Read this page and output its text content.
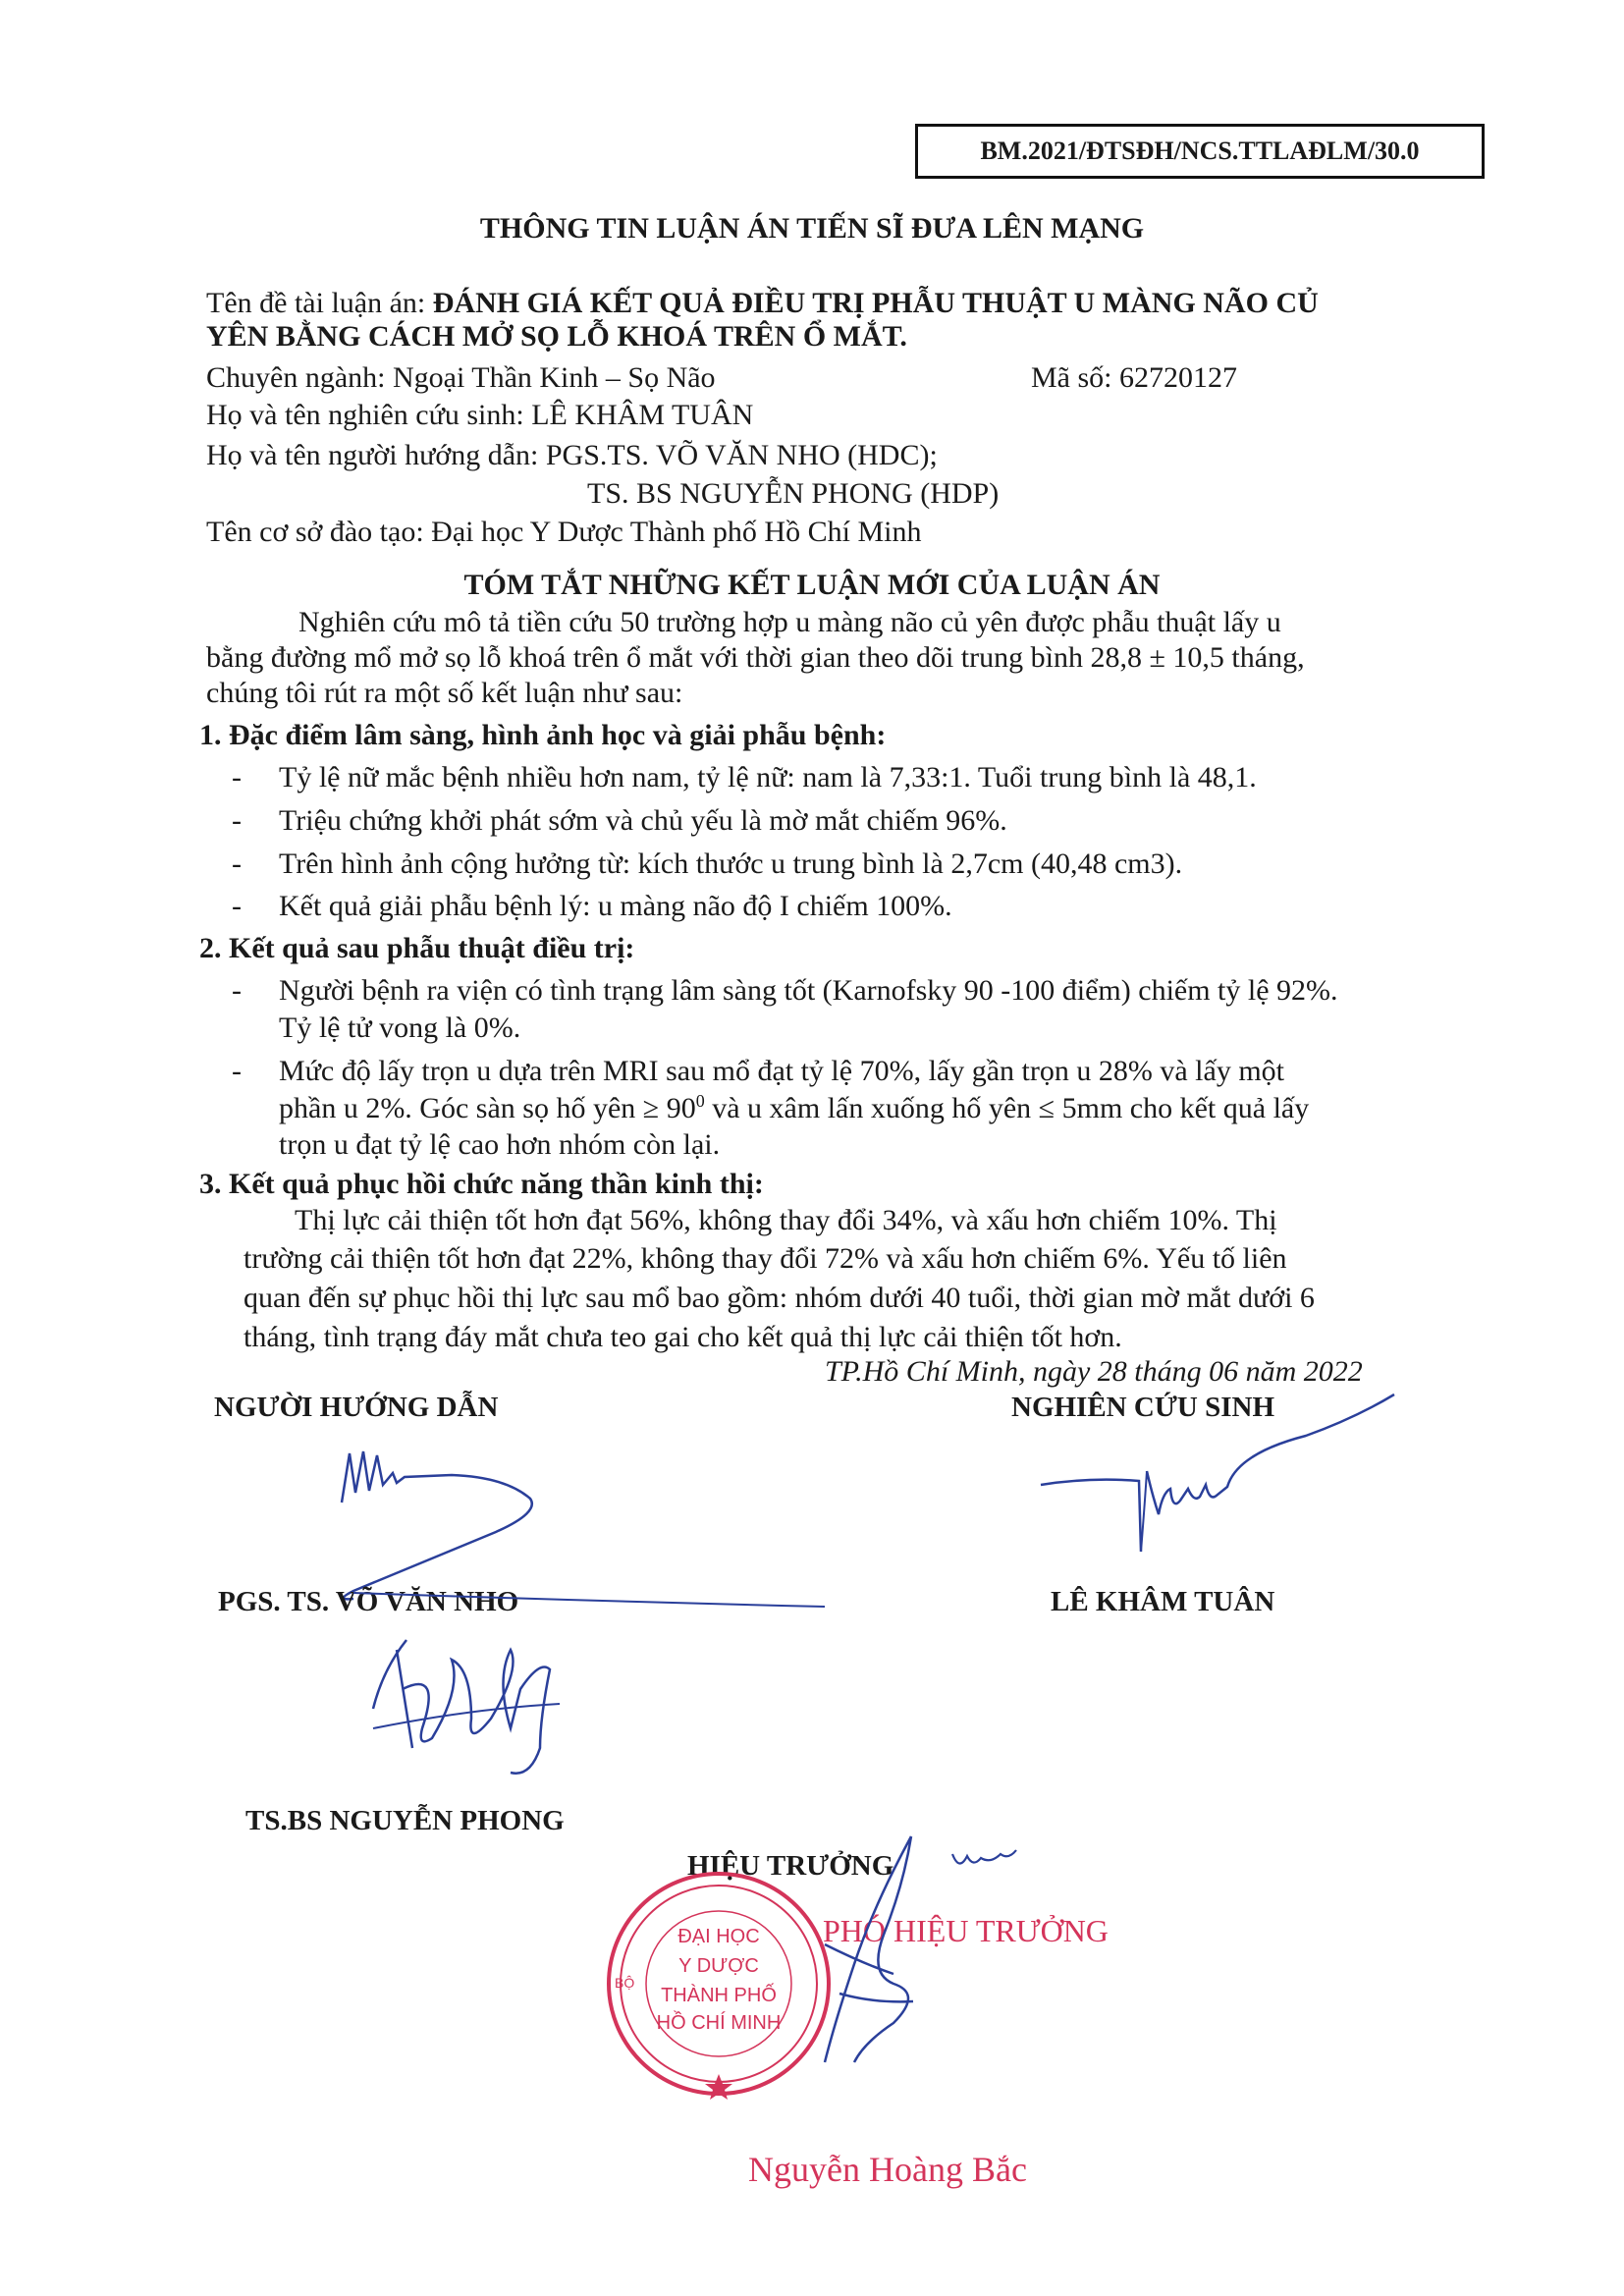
BM.2021/ĐTSĐH/NCS.TTLAĐLM/30.0
THÔNG TIN LUẬN ÁN TIẾN SĨ ĐƯA LÊN MẠNG
Tên đề tài luận án: ĐÁNH GIÁ KẾT QUẢ ĐIỀU TRỊ PHẪU THUẬT U MÀNG NÃO CỦ
YÊN BẰNG CÁCH MỞ SỌ LỖ KHOÁ TRÊN Ổ MẮT.
Chuyên ngành: Ngoại Thần Kinh – Sọ Não	Mã số: 62720127
Họ và tên nghiên cứu sinh: LÊ KHÂM TUÂN
Họ và tên người hướng dẫn: PGS.TS. VÕ VĂN NHO (HDC);
TS. BS NGUYỄN PHONG (HDP)
Tên cơ sở đào tạo: Đại học Y Dược Thành phố Hồ Chí Minh
TÓM TẮT NHỮNG KẾT LUẬN MỚI CỦA LUẬN ÁN
Nghiên cứu mô tả tiền cứu 50 trường hợp u màng não củ yên được phẫu thuật lấy u
bằng đường mổ mở sọ lỗ khoá trên ổ mắt với thời gian theo dõi trung bình 28,8 ± 10,5 tháng,
chúng tôi rút ra một số kết luận như sau:
1. Đặc điểm lâm sàng, hình ảnh học và giải phẫu bệnh:
- Tỷ lệ nữ mắc bệnh nhiều hơn nam, tỷ lệ nữ: nam là 7,33:1. Tuổi trung bình là 48,1.
- Triệu chứng khởi phát sớm và chủ yếu là mờ mắt chiếm 96%.
- Trên hình ảnh cộng hưởng từ: kích thước u trung bình là 2,7cm (40,48 cm3).
- Kết quả giải phẫu bệnh lý: u màng não độ I chiếm 100%.
2. Kết quả sau phẫu thuật điều trị:
- Người bệnh ra viện có tình trạng lâm sàng tốt (Karnofsky 90 -100 điểm) chiếm tỷ lệ 92%.
Tỷ lệ tử vong là 0%.
- Mức độ lấy trọn u dựa trên MRI sau mổ đạt tỷ lệ 70%, lấy gần trọn u 28% và lấy một
phần u 2%. Góc sàn sọ hố yên ≥ $90^0$ và u xâm lấn xuống hố yên ≤ 5mm cho kết quả lấy
trọn u đạt tỷ lệ cao hơn nhóm còn lại.
3. Kết quả phục hồi chức năng thần kinh thị:
Thị lực cải thiện tốt hơn đạt 56%, không thay đổi 34%, và xấu hơn chiếm 10%. Thị
trường cải thiện tốt hơn đạt 22%, không thay đổi 72% và xấu hơn chiếm 6%. Yếu tố liên
quan đến sự phục hồi thị lực sau mổ bao gồm: nhóm dưới 40 tuổi, thời gian mờ mắt dưới 6
tháng, tình trạng đáy mắt chưa teo gai cho kết quả thị lực cải thiện tốt hơn.
TP.Hồ Chí Minh, ngày 28 tháng 06 năm 2022
NGƯỜI HƯỚNG DẪN	NGHIÊN CỨU SINH
PGS. TS. VÕ VĂN NHO	LÊ KHÂM TUÂN
TS.BS NGUYỄN PHONG
HIỆU TRƯỞNG
ĐẠI HỌC
Y DƯỢC
THÀNH PHỐ
HỒ CHÍ MINH
BỘ
PHÓ HIỆU TRƯỞNG
Nguyễn Hoàng Bắc
